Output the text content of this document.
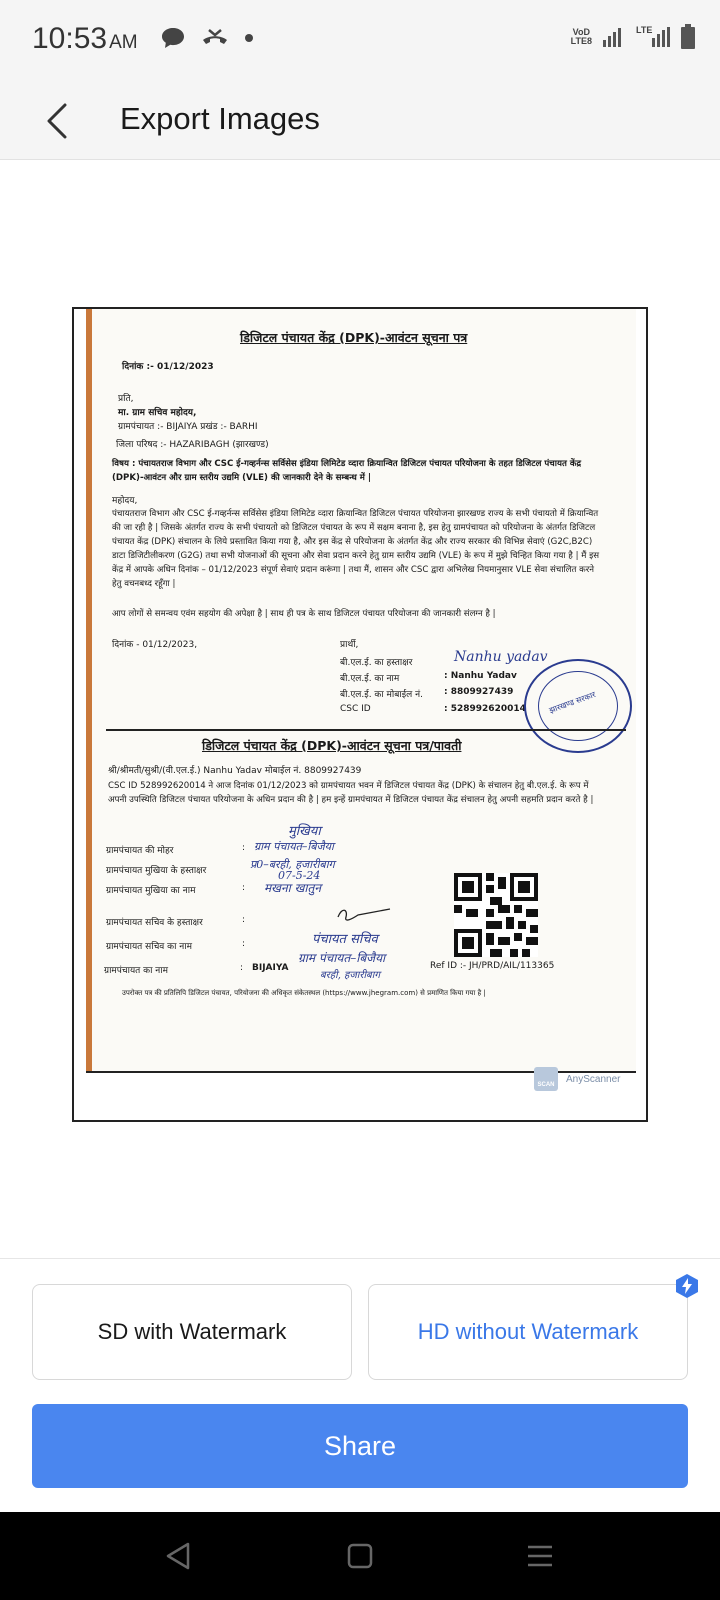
10:53 AM	VoD
LTE8
LTE
Export Images
डिजिटल पंचायत केंद्र (DPK)-आवंटन सूचना पत्र
दिनांक :- 01/12/2023
प्रति,
मा. ग्राम सचिव महोदय,
ग्रामपंचायत :- BIJAIYA प्रखंड :- BARHI
जिला परिषद :- HAZARIBAGH (झारखण्ड)
विषय : पंचायतराज विभाग और CSC ई-गव्हर्नन्स सर्विसेस इंडिया लिमिटेड व्दारा क्रियान्वित डिजिटल पंचायत परियोजना के तहत डिजिटल पंचायत केंद्र (DPK)-आवंटन और ग्राम स्तरीय उद्यमि (VLE) की जानकारी देने के सम्बन्ध में |
महोदय,
पंचायतराज विभाग और CSC ई-गव्हर्नन्स सर्विसेस इंडिया लिमिटेड व्दारा क्रियान्वित डिजिटल पंचायत परियोजना झारखण्ड राज्य के सभी पंचायतो में क्रियान्वित की जा रही है | जिसके अंतर्गत राज्य के सभी पंचायतो को डिजिटल पंचायत के रूप में सक्षम बनाना है, इस हेतु ग्रामपंचायत को परियोजना के अंतर्गत डिजिटल पंचायत केंद्र (DPK) संचालन के लिये प्रस्तावित किया गया है, और इस केंद्र से परियोजना के अंतर्गत केंद्र और राज्य सरकार की विभिन्न सेवाएं (G2C,B2C) डाटा डिजिटीलीकरण (G2G) तथा सभी योजनाओं की सूचना और सेवा प्रदान करने हेतु ग्राम स्तरीय उद्यमि (VLE) के रूप में मुझे चिन्हित किया गया है | मैं इस केंद्र में आपके अधिन दिनांक – 01/12/2023 संपूर्ण सेवाएं प्रदान करूंगा | तथा मैं, शासन और CSC द्वारा अभिलेख नियमानुसार VLE सेवा संचालित करने हेतु वचनबध्द रहूँगा |
आप लोगों से समन्वय एवंम सहयोग की अपेक्षा है | साथ ही पत्र के साथ डिजिटल पंचायत परियोजना की जानकारी संलग्न है |
दिनांक - 01/12/2023,	प्रार्थी,
बी.एल.ई. का हस्ताक्षर	Nanhu yadav
बी.एल.ई. का नाम	: Nanhu Yadav
बी.एल.ई. का मोबाईल नं. : 8809927439
CSC ID	: 528992620014	झारखण्ड सरकार
डिजिटल पंचायत केंद्र (DPK)-आवंटन सूचना पत्र/पावती
श्री/श्रीमती/सुश्री/(वी.एल.ई.) Nanhu Yadav मोबाईल नं. 8809927439
CSC ID 528992620014 ने आज दिनांक 01/12/2023 को ग्रामपंचायत भवन में डिजिटल पंचायत केंद्र (DPK) के संचालन हेतु बी.एल.ई. के रूप में अपनी उपस्थिति डिजिटल पंचायत परियोजना के अधिन प्रदान की है | हम इन्हें ग्रामपंचायत में डिजिटल पंचायत केंद्र संचालन हेतु अपनी सहमति प्रदान करते है |
मुखिया
ग्रामपंचायत की मोहर	: ग्राम पंचायत–बिजैया
ग्रामपंचायत मुखिया के हस्ताक्षर	प्र0–बरही, हजारीबाग
07-5-24
ग्रामपंचायत मुखिया का नाम	: मखना खातुन
ग्रामपंचायत सचिव के हस्ताक्षर	:
ग्रामपंचायत सचिव का नाम	:	पंचायत सचिव
ग्रामपंचायत का नाम	: BIJAIYA
ग्राम पंचायत–बिजैया
बरही, हजारीबाग
Ref ID :- JH/PRD/AIL/113365
उपरोक्त पत्र की प्रतिलिपि डिजिटल पंचायत, परियोजना की अधिकृत संकेतस्थल (https://www.jhegram.com) से प्रमाणित किया गया है |
SCAN
AnyScanner
SD with Watermark	HD without Watermark
Share
